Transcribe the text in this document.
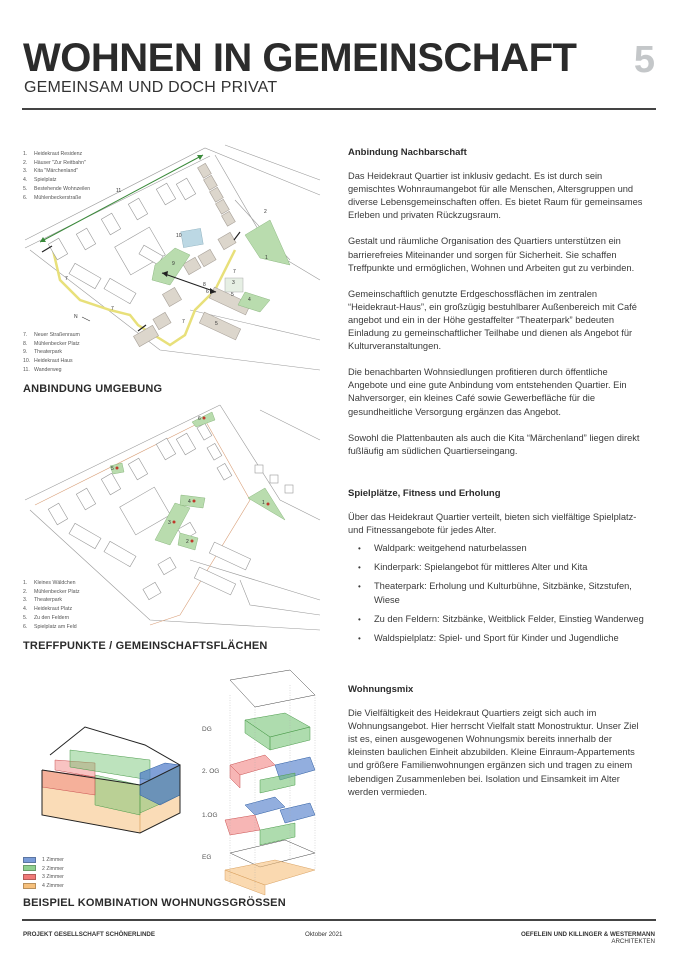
WOHNEN IN GEMEINSCHAFT 5
GEMEINSAM UND DOCH PRIVAT
1. Heidekraut Residenz
2. Häuser "Zur Reitbahn"
3. Kita "Märchenland"
4. Spielplatz
5. Bestehende Wohnzeilen
6. Mühlenbeckerstraße
1
2
3
4
5
5
6
7
7
7
7
8
9
10
11
N
7. Neuer Straßenraum
8. Mühlenbecker Platz
9. Theaterpark
10. Heidekraut Haus
11. Wanderweg
ANBINDUNG UMGEBUNG
1
2
3
4
5
6
1. Kleines Wäldchen
2. Mühlenbecker Platz
3. Theaterpark
4. Heidekraut Platz
5. Zu den Feldern
6. Spielplatz am Feld
TREFFPUNKTE / GEMEINSCHAFTSFLÄCHEN
DG
2. OG
1.OG
EG
1 Zimmer
2 Zimmer
3 Zimmer
4 Zimmer
BEISPIEL KOMBINATION WOHNUNGSGRÖSSEN
Anbindung Nachbarschaft

Das Heidekraut Quartier ist inklusiv gedacht. Es ist durch sein gemischtes Wohnraumangebot für alle Menschen, Altersgruppen und diverse Lebensgemeinschaften offen. Es bietet Raum für gemeinsames Erleben und privaten Rückzugsraum.

Gestalt und räumliche Organisation des Quartiers unterstützen ein barrierefreies Miteinander und sorgen für Sicherheit. Sie schaffen Treffpunkte und ermöglichen, Wohnen und Arbeiten gut zu verbinden.

Gemeinschaftlich genutzte Erdgeschossflächen im zentralen “Heidekraut-Haus”, ein großzügig bestuhlbarer Außenbereich mit Café angebot und ein in der Höhe gestaffelter “Theaterpark” bedeuten Einladung zu gemeinschaftlicher Teilhabe und dienen als Angebot für Kulturveranstaltungen.

Die benachbarten Wohnsiedlungen profitieren durch öffentliche Angebote und eine gute Anbindung vom entstehenden Quartier. Ein Nahversorger, ein kleines Café sowie Gewerbefläche für die gesundheitliche Versorgung ergänzen das Angebot.

Sowohl die Plattenbauten als auch die Kita “Märchenland” liegen direkt fußläufig am südlichen Quartierseingang.

Spielplätze, Fitness und Erholung

Über das Heidekraut Quartier verteilt, bieten sich vielfältige Spielplatz- und Fitnessangebote für jedes Alter.

• Waldpark: weitgehend naturbelassen
• Kinderpark: Spielangebot für mittleres Alter und Kita
• Theaterpark: Erholung und Kulturbühne, Sitzbänke, Sitzstufen, Wiese
• Zu den Feldern: Sitzbänke, Weitblick Felder, Einstieg Wanderweg
• Waldspielplatz: Spiel- und Sport für Kinder und Jugendliche
Wohnungsmix

Die Vielfältigkeit des Heidekraut Quartiers zeigt sich auch im Wohnungsangebot. Hier herrscht Vielfalt statt Monostruktur. Unser Ziel ist es, einen ausgewogenen Wohnungsmix bereits innerhalb der kleinsten baulichen Einheit abzubilden. Kleine Einraum-Appartements und größere Familienwohnungen ergänzen sich und tragen zu einem lebendigen Zusammenleben bei. Isolation und Einsamkeit im Alter werden vermieden.

PROJEKT GESELLSCHAFT SCHÖNERLINDE	Oktober 2021	OEFELEIN UND KILLINGER & WESTERMANN
ARCHITEKTEN
